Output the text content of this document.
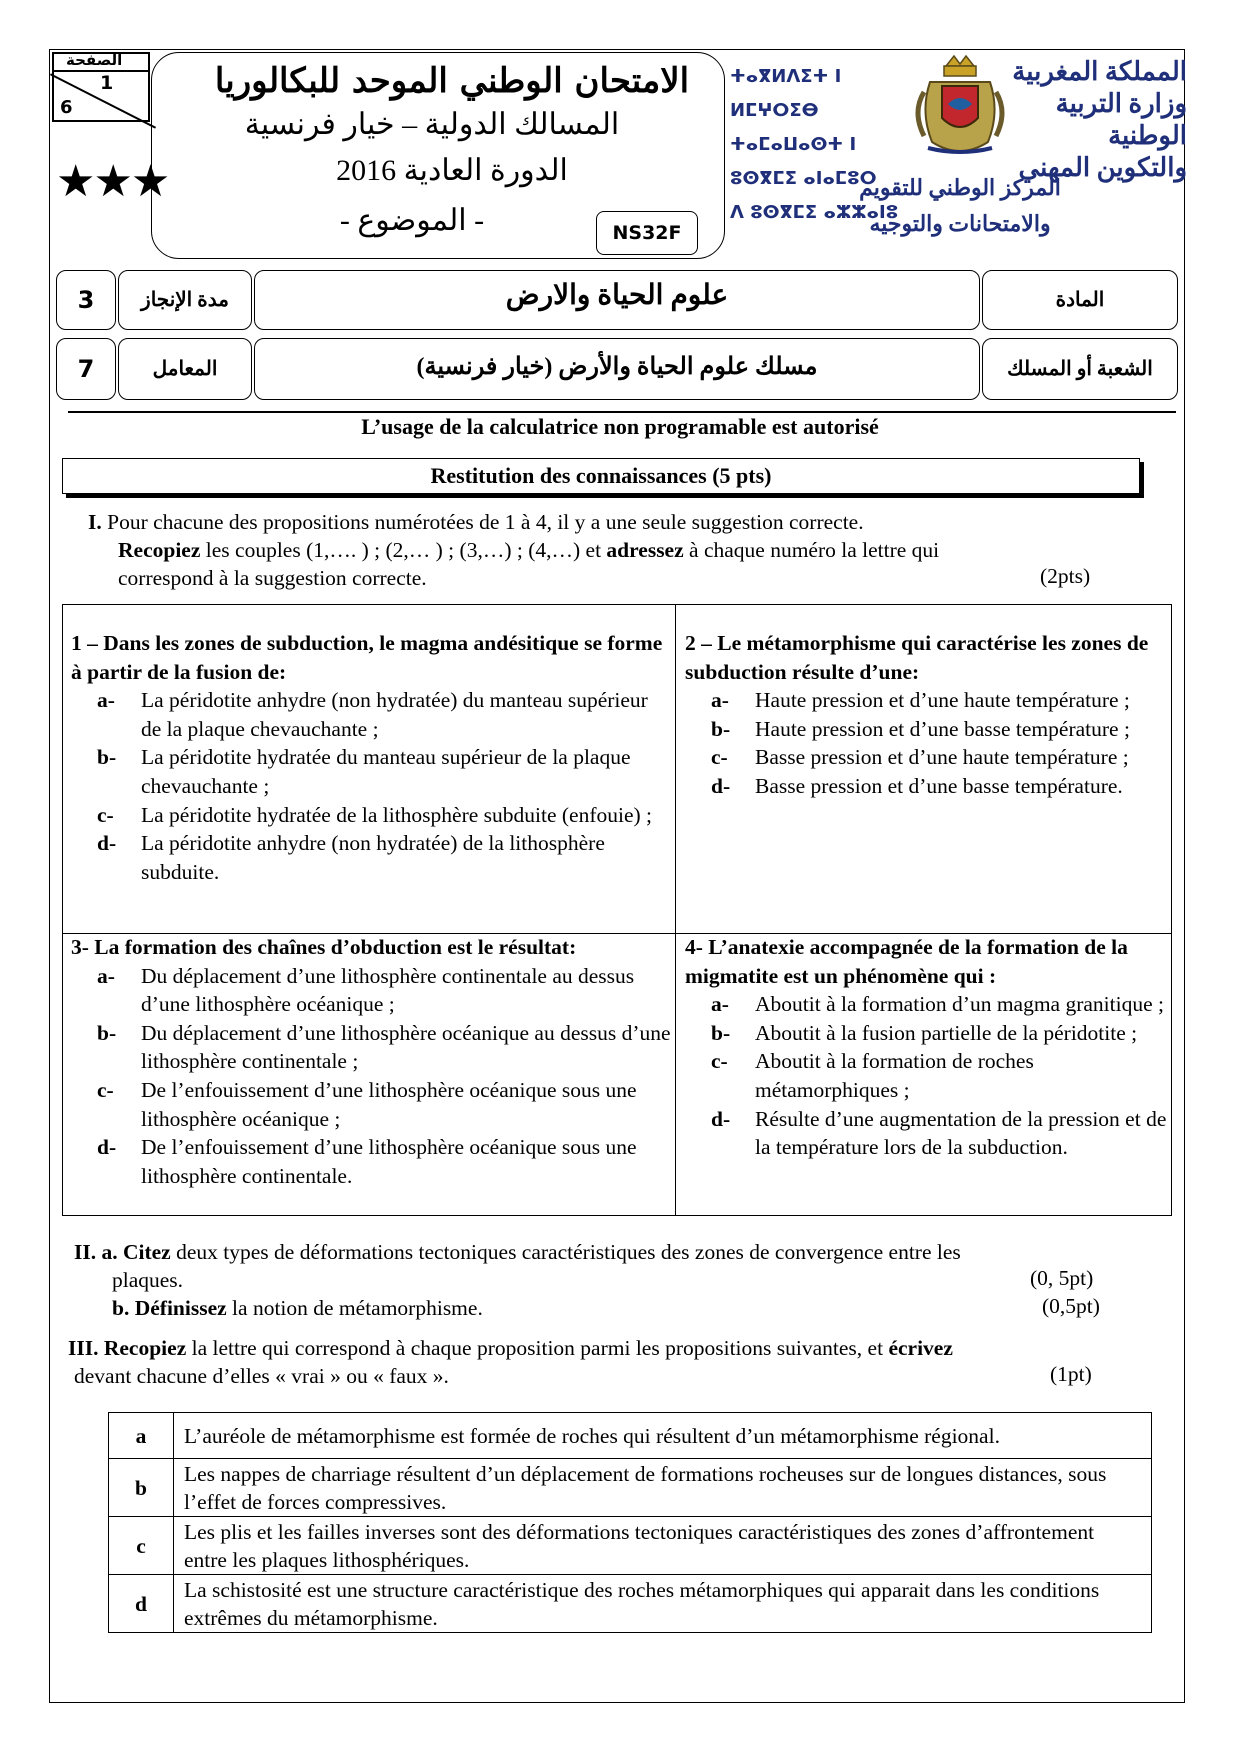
الصفحة
1
6
★★★
الامتحان الوطني الموحد للبكالوريا
المسالك الدولية – خيار فرنسية
الدورة العادية 2016
- الموضوع -	NS32F
ⵜⴰⴳⵍⴷⵉⵜ ⵏ ⵍⵎⵖⵔⵉⴱ
ⵜⴰⵎⴰⵡⴰⵙⵜ ⵏ ⵓⵙⴳⵎⵉ ⴰⵏⴰⵎⵓⵔ
ⴷ ⵓⵙⴳⵎⵉ ⴰⵣⵣⴰⵏⵓ
المملكة المغربية
وزارة التربية الوطنية
والتكوين المهني
المركز الوطني للتقويم
والامتحانات والتوجيه
3	مدة الإنجاز	علوم الحياة والارض	المادة
7	المعامل	مسلك علوم الحياة والأرض (خيار فرنسية)	الشعبة أو المسلك
L’usage de la calculatrice non programable est autorisé
Restitution des connaissances (5 pts)
I. Pour chacune des propositions numérotées de 1 à 4, il y a une seule suggestion correcte.
Recopiez les couples (1,…. ) ; (2,… ) ; (3,…) ; (4,…) et adressez à chaque numéro la lettre qui
correspond à la suggestion correcte.	(2pts)
1 – Dans les zones de subduction, le magma andésitique se forme à partir de la fusion de:
a-	La péridotite anhydre (non hydratée) du manteau supérieur de la plaque chevauchante ;
b-	La péridotite hydratée du manteau supérieur de la plaque chevauchante ;
c-	La péridotite hydratée de la lithosphère subduite (enfouie) ;
d-	La péridotite anhydre (non hydratée) de la lithosphère subduite.
2 – Le métamorphisme qui caractérise les zones de subduction résulte d’une:
a-	Haute pression et d’une haute température ;
b-	Haute pression et d’une basse température ;
c-	Basse pression et d’une haute température ;
d-	Basse pression et d’une basse température.
3- La formation des chaînes d’obduction est le résultat:
a-	Du déplacement d’une lithosphère continentale au dessus d’une lithosphère océanique ;
b-	Du déplacement d’une lithosphère océanique au dessus d’une lithosphère continentale ;
c-	De l’enfouissement d’une lithosphère océanique sous une lithosphère océanique ;
d-	De l’enfouissement d’une lithosphère océanique sous une lithosphère continentale.
4- L’anatexie accompagnée de la formation de la migmatite est un phénomène qui :
a-	Aboutit à la formation d’un magma granitique ;
b-	Aboutit à la fusion partielle de la péridotite ;
c-	Aboutit à la formation de roches métamorphiques ;
d-	Résulte d’une augmentation de la pression et de la température lors de la subduction.
II. a. Citez deux types de déformations tectoniques caractéristiques des zones de convergence entre les
plaques.	(0, 5pt)
b. Définissez la notion de métamorphisme.	(0,5pt)
III. Recopiez la lettre qui correspond à chaque proposition parmi les propositions suivantes, et écrivez
devant chacune d’elles « vrai » ou « faux ».	(1pt)
a	L’auréole de métamorphisme est formée de roches qui résultent d’un métamorphisme régional.
b	Les nappes de charriage résultent d’un déplacement de formations rocheuses sur de longues distances, sous l’effet de forces compressives.
c	Les plis et les failles inverses sont des déformations tectoniques caractéristiques des zones d’affrontement entre les plaques lithosphériques.
d	La schistosité est une structure caractéristique des roches métamorphiques qui apparait dans les conditions extrêmes du métamorphisme.
